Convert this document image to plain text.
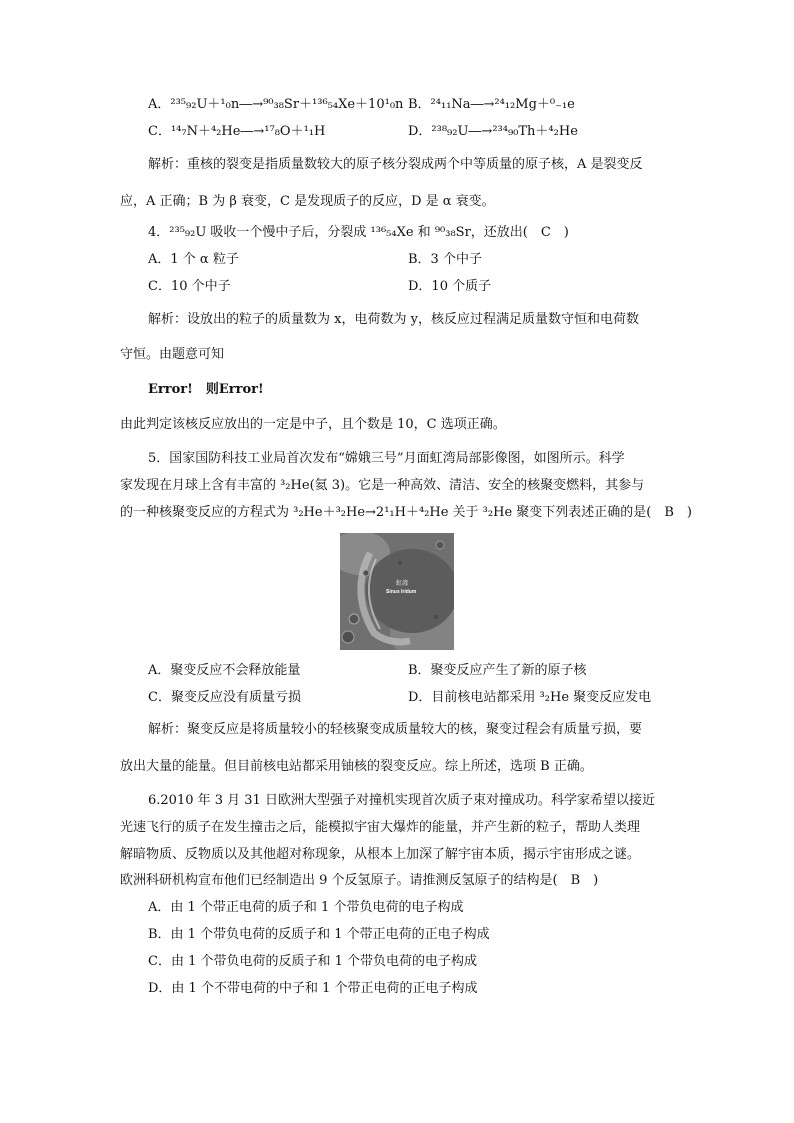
A．²³⁵₉₂U＋¹₀n―→⁹⁰₃₈Sr＋¹³⁶₅₄Xe＋10¹₀n B．²⁴₁₁Na―→²⁴₁₂Mg＋⁰₋₁e
C．¹⁴₇N＋⁴₂He―→¹⁷₈O＋¹₁H	D．²³⁸₉₂U―→²³⁴₉₀Th＋⁴₂He
解析：重核的裂变是指质量数较大的原子核分裂成两个中等质量的原子核，A 是裂变反
应，A 正确；B 为 β 衰变，C 是发现质子的反应，D 是 α 衰变。
4．²³⁵₉₂U 吸收一个慢中子后，分裂成 ¹³⁶₅₄Xe 和 ⁹⁰₃₈Sr，还放出(　C　)
A．1 个 α 粒子	B．3 个中子
C．10 个中子	D．10 个质子
解析：设放出的粒子的质量数为 x，电荷数为 y，核反应过程满足质量数守恒和电荷数
守恒。由题意可知
Error!　则Error!
由此判定该核反应放出的一定是中子，且个数是 10，C 选项正确。
5．国家国防科技工业局首次发布“嫦娥三号”月面虹湾局部影像图，如图所示。科学
家发现在月球上含有丰富的 ³₂He(氦 3)。它是一种高效、清洁、安全的核聚变燃料，其参与
的一种核聚变反应的方程式为 ³₂He＋³₂He→2¹₁H＋⁴₂He 关于 ³₂He 聚变下列表述正确的是(　B　)
虹湾
Sinus Iridum
A．聚变反应不会释放能量	B．聚变反应产生了新的原子核
C．聚变反应没有质量亏损	D．目前核电站都采用 ³₂He 聚变反应发电
解析：聚变反应是将质量较小的轻核聚变成质量较大的核，聚变过程会有质量亏损，要
放出大量的能量。但目前核电站都采用铀核的裂变反应。综上所述，选项 B 正确。
6.2010 年 3 月 31 日欧洲大型强子对撞机实现首次质子束对撞成功。科学家希望以接近
光速飞行的质子在发生撞击之后，能模拟宇宙大爆炸的能量，并产生新的粒子，帮助人类理
解暗物质、反物质以及其他超对称现象，从根本上加深了解宇宙本质，揭示宇宙形成之谜。
欧洲科研机构宣布他们已经制造出 9 个反氢原子。请推测反氢原子的结构是(　B　)
A．由 1 个带正电荷的质子和 1 个带负电荷的电子构成
B．由 1 个带负电荷的反质子和 1 个带正电荷的正电子构成
C．由 1 个带负电荷的反质子和 1 个带负电荷的电子构成
D．由 1 个不带电荷的中子和 1 个带正电荷的正电子构成
